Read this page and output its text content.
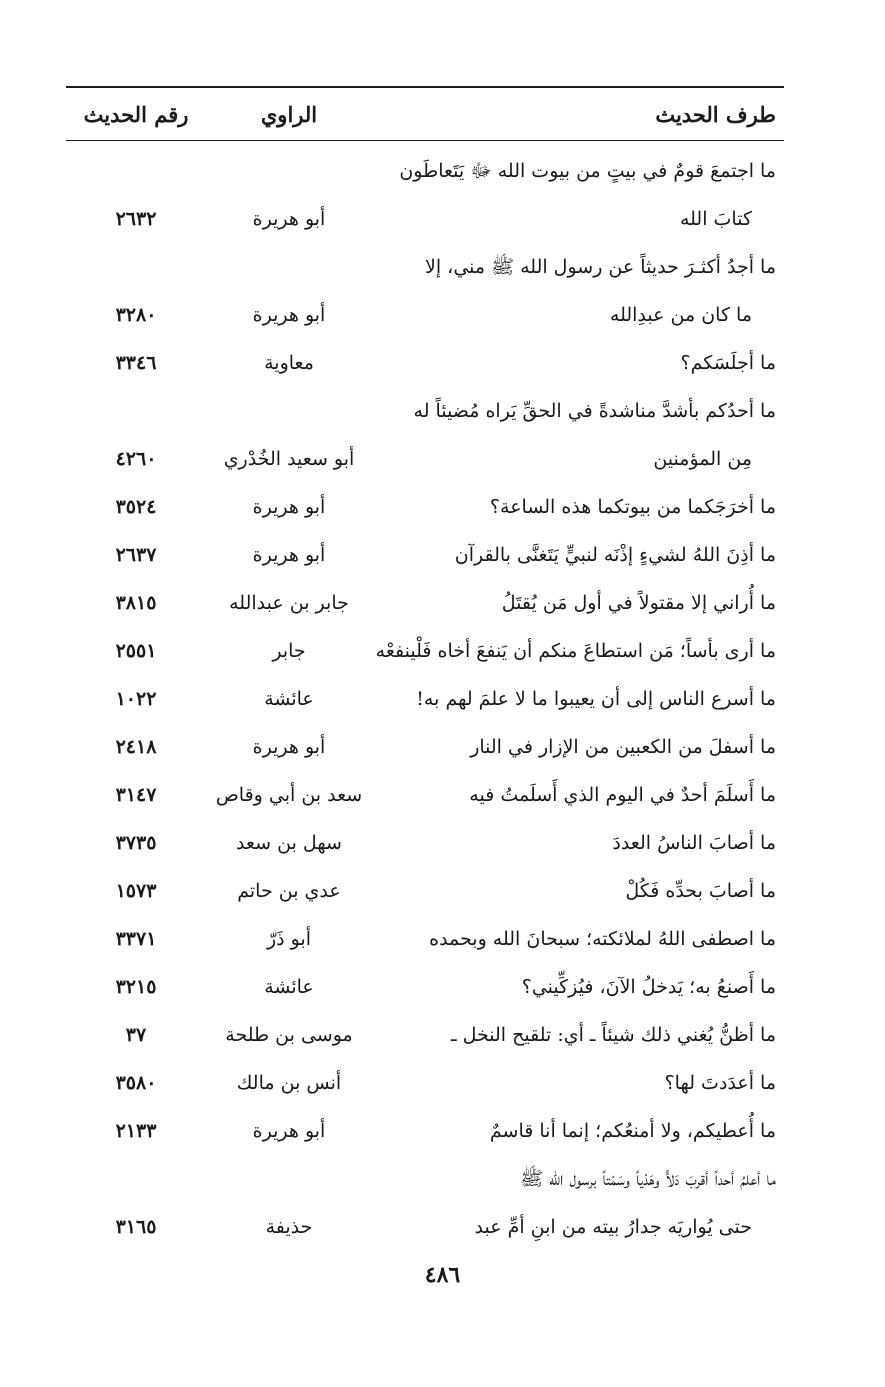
طرف الحديث
الراوي
رقم الحديث
ما اجتمعَ قومٌ في بيتٍ من بيوت الله ﷻ يَتَعاطَون
كتابَ الله
أبو هريرة
٢٦٣٢
ما أجدُ أكثـرَ حديثاً عن رسول الله ﷺ مني، إلا
ما كان من عبدِالله
أبو هريرة
٣٢٨٠
ما أجلَسَكم؟
معاوية
٣٣٤٦
ما أحدُكم بأشدَّ مناشدةً في الحقِّ يَراه مُضيئاً له
مِن المؤمنين
أبو سعيد الخُدْري
٤٢٦٠
ما أخرَجَكما من بيوتكما هذه الساعة؟
أبو هريرة
٣٥٢٤
ما أذِنَ اللهُ لشيءٍ إذْنَه لنبيٍّ يَتَغنَّى بالقرآن
أبو هريرة
٢٦٣٧
ما أُراني إلا مقتولاً في أول مَن يُقتَلُ
جابر بن عبدالله
٣٨١٥
ما أرى بأساً؛ مَن استطاعَ منكم أن يَنفعَ أخاه فَلْينفعْه
جابر
٢٥٥١
ما أسرع الناس إلى أن يعيبوا ما لا علمَ لهم به!
عائشة
١٠٢٢
ما أسفلَ من الكعبين من الإزار في النار
أبو هريرة
٢٤١٨
ما أَسلَمَ أحدٌ في اليوم الذي أَسلَمتُ فيه
سعد بن أبي وقاص
٣١٤٧
ما أصابَ الناسُ العددَ
سهل بن سعد
٣٧٣٥
ما أصابَ بحدِّه فَكُلْ
عدي بن حاتم
١٥٧٣
ما اصطفى اللهُ لملائكته؛ سبحانَ الله وبحمده
أبو ذَرّ
٣٣٧١
ما أَصنعُ به؛ يَدخلُ الآنَ، فيُزكِّيني؟
عائشة
٣٢١٥
ما أظنُّ يُغني ذلك شيئاً ـ أي: تلقيح النخل ـ
موسى بن طلحة
٣٧
ما أعدَدتَ لها؟
أنس بن مالك
٣٥٨٠
ما أُعطيكم، ولا أمنعُكم؛ إنما أنا قاسمٌ
أبو هريرة
٢١٣٣
ما أعلمُ أحداً أقربَ دَلاًّ وهَدْياً وسَمْتاً برسول الله ﷺ
حتى يُواريَه جدارُ بيته من ابنِ أمِّ عبد
حذيفة
٣١٦٥
٤٨٦
